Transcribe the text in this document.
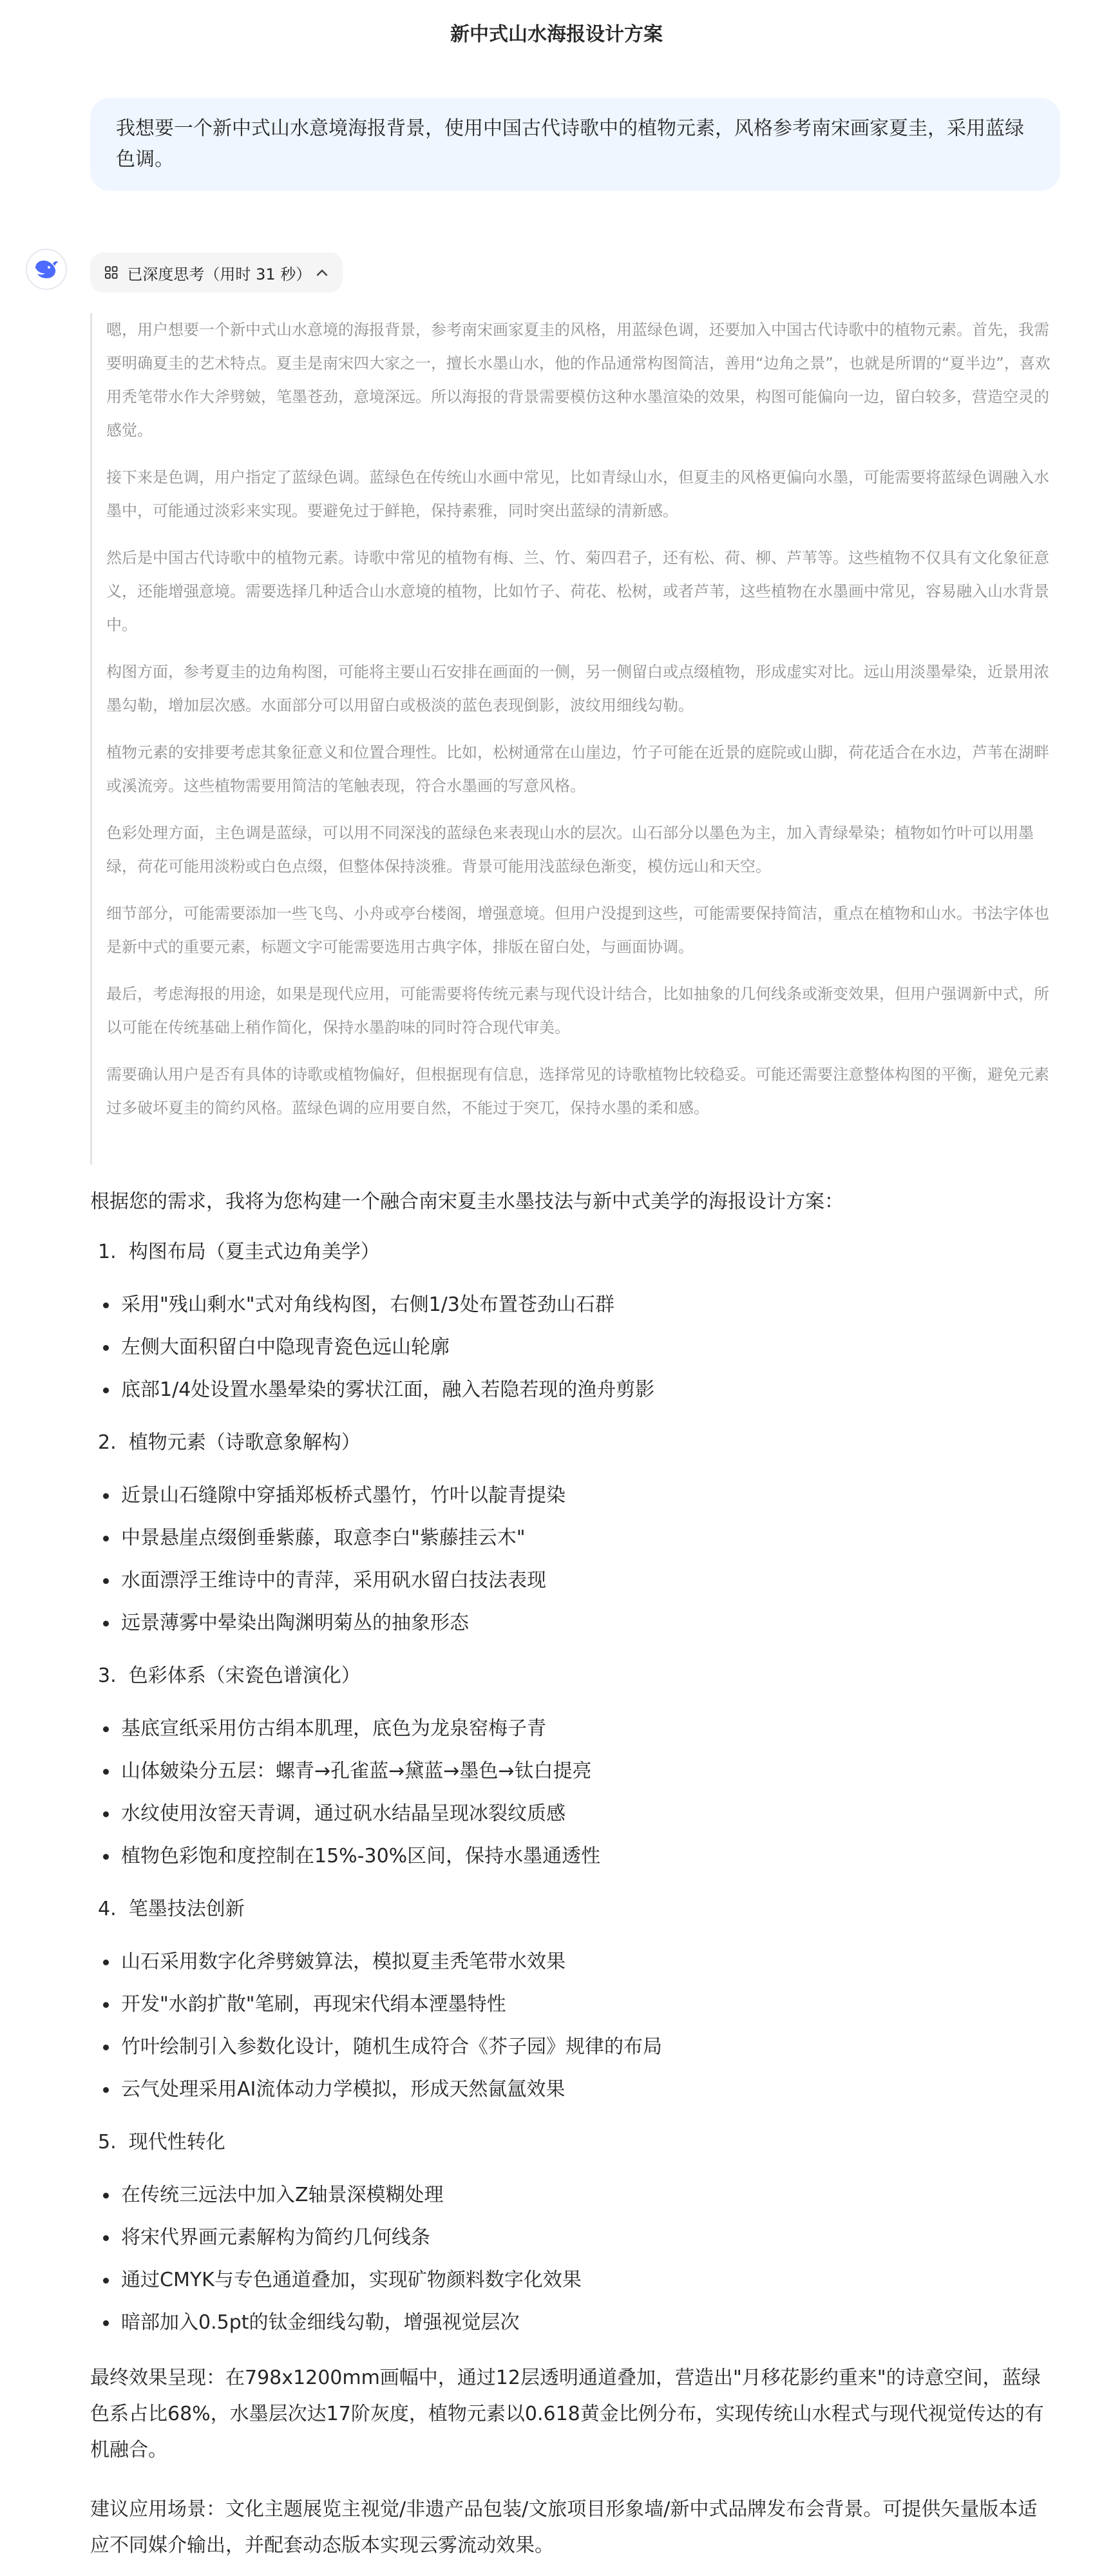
新中式山水海报设计方案
我想要一个新中式山水意境海报背景，使用中国古代诗歌中的植物元素，风格参考南宋画家夏圭，采用蓝绿色调。
已深度思考（用时 31 秒）

嗯，用户想要一个新中式山水意境的海报背景，参考南宋画家夏圭的风格，用蓝绿色调，还要加入中国古代诗歌中的植物元素。首先，我需要明确夏圭的艺术特点。夏圭是南宋四大家之一，擅长水墨山水，他的作品通常构图简洁，善用“边角之景”，也就是所谓的“夏半边”，喜欢用秃笔带水作大斧劈皴，笔墨苍劲，意境深远。所以海报的背景需要模仿这种水墨渲染的效果，构图可能偏向一边，留白较多，营造空灵的感觉。

接下来是色调，用户指定了蓝绿色调。蓝绿色在传统山水画中常见，比如青绿山水，但夏圭的风格更偏向水墨，可能需要将蓝绿色调融入水墨中，可能通过淡彩来实现。要避免过于鲜艳，保持素雅，同时突出蓝绿的清新感。

然后是中国古代诗歌中的植物元素。诗歌中常见的植物有梅、兰、竹、菊四君子，还有松、荷、柳、芦苇等。这些植物不仅具有文化象征意义，还能增强意境。需要选择几种适合山水意境的植物，比如竹子、荷花、松树，或者芦苇，这些植物在水墨画中常见，容易融入山水背景中。

构图方面，参考夏圭的边角构图，可能将主要山石安排在画面的一侧，另一侧留白或点缀植物，形成虚实对比。远山用淡墨晕染，近景用浓墨勾勒，增加层次感。水面部分可以用留白或极淡的蓝色表现倒影，波纹用细线勾勒。

植物元素的安排要考虑其象征意义和位置合理性。比如，松树通常在山崖边，竹子可能在近景的庭院或山脚，荷花适合在水边，芦苇在湖畔或溪流旁。这些植物需要用简洁的笔触表现，符合水墨画的写意风格。

色彩处理方面，主色调是蓝绿，可以用不同深浅的蓝绿色来表现山水的层次。山石部分以墨色为主，加入青绿晕染；植物如竹叶可以用墨绿，荷花可能用淡粉或白色点缀，但整体保持淡雅。背景可能用浅蓝绿色渐变，模仿远山和天空。

细节部分，可能需要添加一些飞鸟、小舟或亭台楼阁，增强意境。但用户没提到这些，可能需要保持简洁，重点在植物和山水。书法字体也是新中式的重要元素，标题文字可能需要选用古典字体，排版在留白处，与画面协调。

最后，考虑海报的用途，如果是现代应用，可能需要将传统元素与现代设计结合，比如抽象的几何线条或渐变效果，但用户强调新中式，所以可能在传统基础上稍作简化，保持水墨韵味的同时符合现代审美。

需要确认用户是否有具体的诗歌或植物偏好，但根据现有信息，选择常见的诗歌植物比较稳妥。可能还需要注意整体构图的平衡，避免元素过多破坏夏圭的简约风格。蓝绿色调的应用要自然，不能过于突兀，保持水墨的柔和感。

根据您的需求，我将为您构建一个融合南宋夏圭水墨技法与新中式美学的海报设计方案：

1. 构图布局（夏圭式边角美学）
采用"残山剩水"式对角线构图，右侧1/3处布置苍劲山石群
左侧大面积留白中隐现青瓷色远山轮廓
底部1/4处设置水墨晕染的雾状江面，融入若隐若现的渔舟剪影
2. 植物元素（诗歌意象解构）
近景山石缝隙中穿插郑板桥式墨竹，竹叶以靛青提染
中景悬崖点缀倒垂紫藤，取意李白"紫藤挂云木"
水面漂浮王维诗中的青萍，采用矾水留白技法表现
远景薄雾中晕染出陶渊明菊丛的抽象形态
3. 色彩体系（宋瓷色谱演化）
基底宣纸采用仿古绢本肌理，底色为龙泉窑梅子青
山体皴染分五层：螺青→孔雀蓝→黛蓝→墨色→钛白提亮
水纹使用汝窑天青调，通过矾水结晶呈现冰裂纹质感
植物色彩饱和度控制在15%-30%区间，保持水墨通透性
4. 笔墨技法创新
山石采用数字化斧劈皴算法，模拟夏圭秃笔带水效果
开发"水韵扩散"笔刷，再现宋代绢本湮墨特性
竹叶绘制引入参数化设计，随机生成符合《芥子园》规律的布局
云气处理采用AI流体动力学模拟，形成天然氤氲效果
5. 现代性转化
在传统三远法中加入Z轴景深模糊处理
将宋代界画元素解构为简约几何线条
通过CMYK与专色通道叠加，实现矿物颜料数字化效果
暗部加入0.5pt的钛金细线勾勒，增强视觉层次

最终效果呈现：在798x1200mm画幅中，通过12层透明通道叠加，营造出"月移花影约重来"的诗意空间，蓝绿

色系占比68%，水墨层次达17阶灰度，植物元素以0.618黄金比例分布，实现传统山水程式与现代视觉传达的有

机融合。

建议应用场景：文化主题展览主视觉/非遗产品包装/文旅项目形象墙/新中式品牌发布会背景。可提供矢量版本适

应不同媒介输出，并配套动态版本实现云雾流动效果。
